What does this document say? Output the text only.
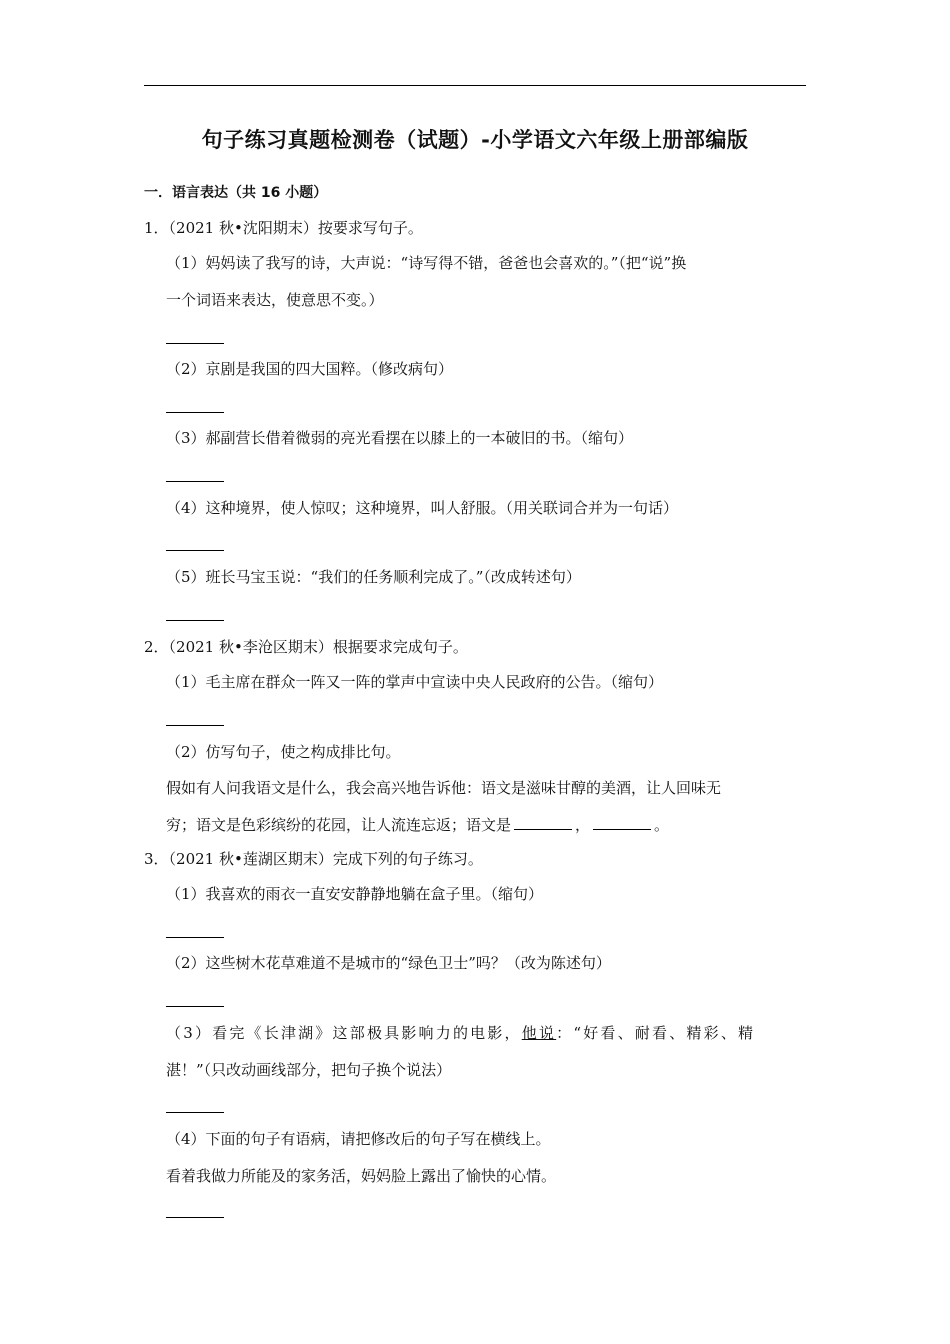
句子练习真题检测卷（试题）-小学语文六年级上册部编版
一．语言表达（共 16 小题）
1．（2021 秋•沈阳期末）按要求写句子。
（1）妈妈读了我写的诗，大声说：“诗写得不错，爸爸也会喜欢的。”（把“说”换
一个词语来表达，使意思不变。）
（2）京剧是我国的四大国粹。（修改病句）
（3）郝副营长借着微弱的亮光看摆在以膝上的一本破旧的书。（缩句）
（4）这种境界，使人惊叹；这种境界，叫人舒服。（用关联词合并为一句话）
（5）班长马宝玉说：“我们的任务顺利完成了。”（改成转述句）
2．（2021 秋•李沧区期末）根据要求完成句子。
（1）毛主席在群众一阵又一阵的掌声中宣读中央人民政府的公告。（缩句）
（2）仿写句子，使之构成排比句。
假如有人问我语文是什么，我会高兴地告诉他：语文是滋味甘醇的美酒，让人回味无
穷；语文是色彩缤纷的花园，让人流连忘返；语文是	，	。
3．（2021 秋•莲湖区期末）完成下列的句子练习。
（1）我喜欢的雨衣一直安安静静地躺在盒子里。（缩句）
（2）这些树木花草难道不是城市的“绿色卫士”吗？（改为陈述句）
（3）看完《长津湖》这部极具影响力的电影，他说：“好看、耐看、精彩、精
湛！”（只改动画线部分，把句子换个说法）
（4）下面的句子有语病，请把修改后的句子写在横线上。
看着我做力所能及的家务活，妈妈脸上露出了愉快的心情。
